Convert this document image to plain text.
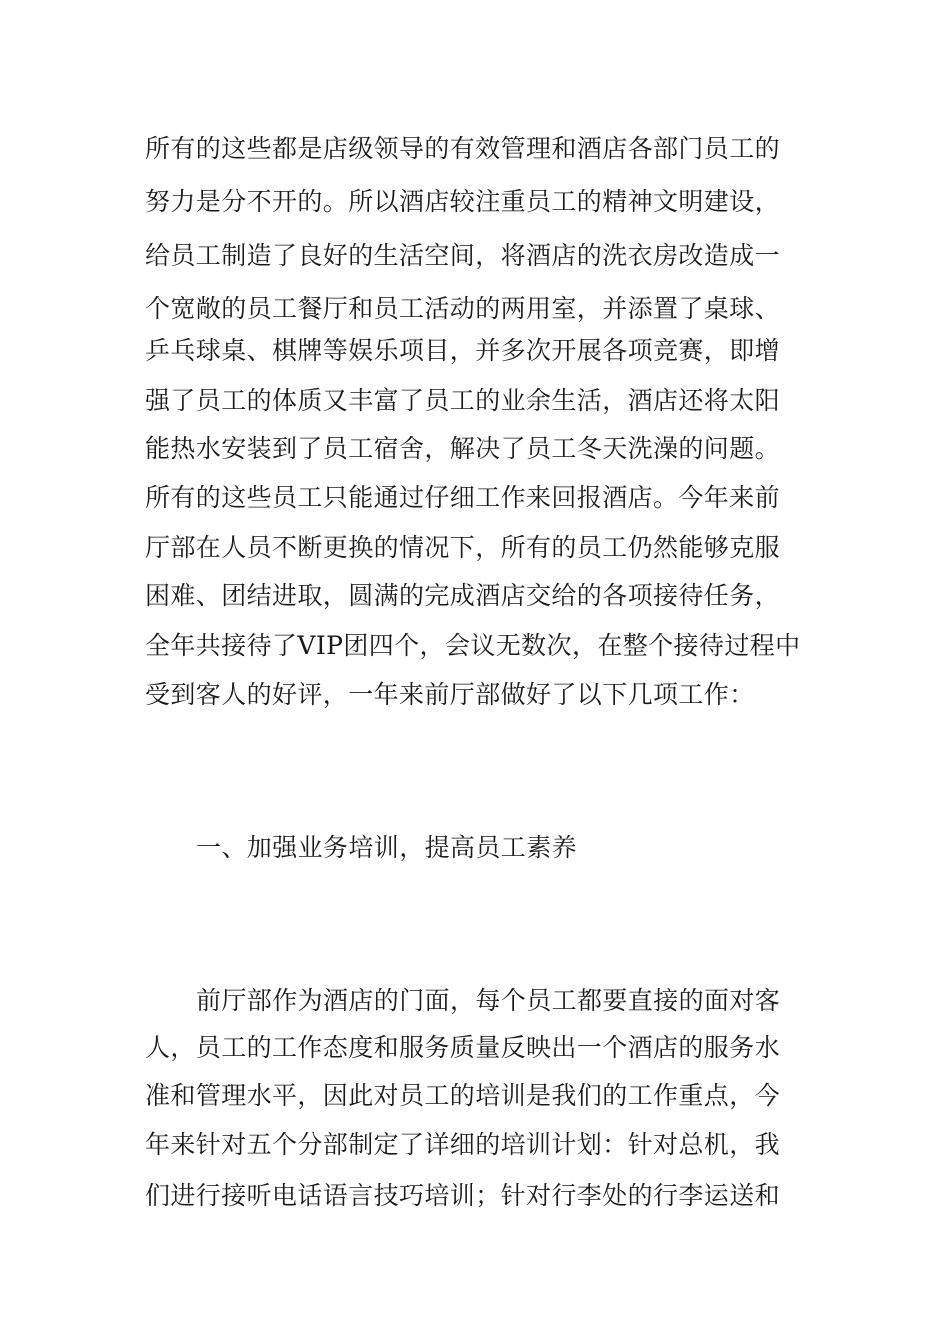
所有的这些都是店级领导的有效管理和酒店各部门员工的
努力是分不开的。所以酒店较注重员工的精神文明建设，
给员工制造了良好的生活空间，将酒店的洗衣房改造成一
个宽敞的员工餐厅和员工活动的两用室，并添置了桌球、
乒乓球桌、棋牌等娱乐项目，并多次开展各项竞赛，即增
强了员工的体质又丰富了员工的业余生活，酒店还将太阳
能热水安装到了员工宿舍，解决了员工冬天洗澡的问题。
所有的这些员工只能通过仔细工作来回报酒店。今年来前
厅部在人员不断更换的情况下，所有的员工仍然能够克服
困难、团结进取，圆满的完成酒店交给的各项接待任务，
全年共接待了VIP团四个，会议无数次，在整个接待过程中
受到客人的好评，一年来前厅部做好了以下几项工作：
一、加强业务培训，提高员工素养
前厅部作为酒店的门面，每个员工都要直接的面对客
人，员工的工作态度和服务质量反映出一个酒店的服务水
准和管理水平，因此对员工的培训是我们的工作重点，今
年来针对五个分部制定了详细的培训计划：针对总机，我
们进行接听电话语言技巧培训；针对行李处的行李运送和
